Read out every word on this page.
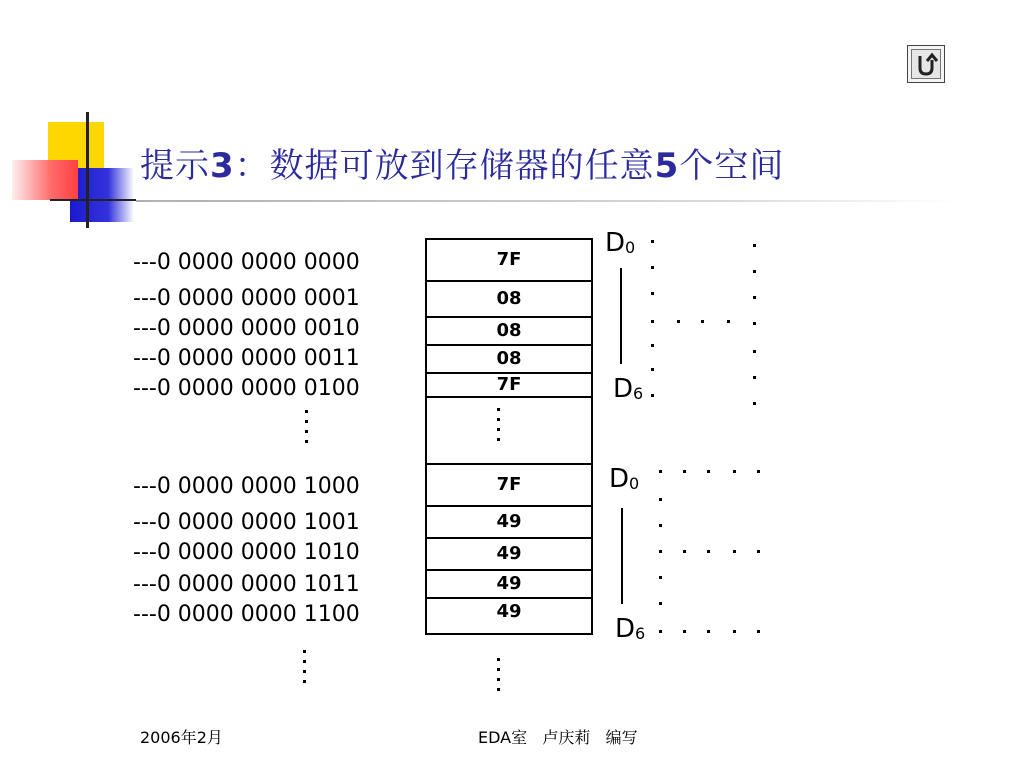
提示3：数据可放到存储器的任意5个空间
---0 0000 0000 0000
---0 0000 0000 0001
---0 0000 0000 0010
---0 0000 0000 0011
---0 0000 0000 0100
7F
08
08
08
7F
$D_0$
$D_6$
---0 0000 0000 1000
---0 0000 0000 1001
---0 0000 0000 1010
---0 0000 0000 1011
---0 0000 0000 1100
7F
49
49
49
49
$D_0$
$D_6$
2006年2月	EDA室   卢庆莉   编写
